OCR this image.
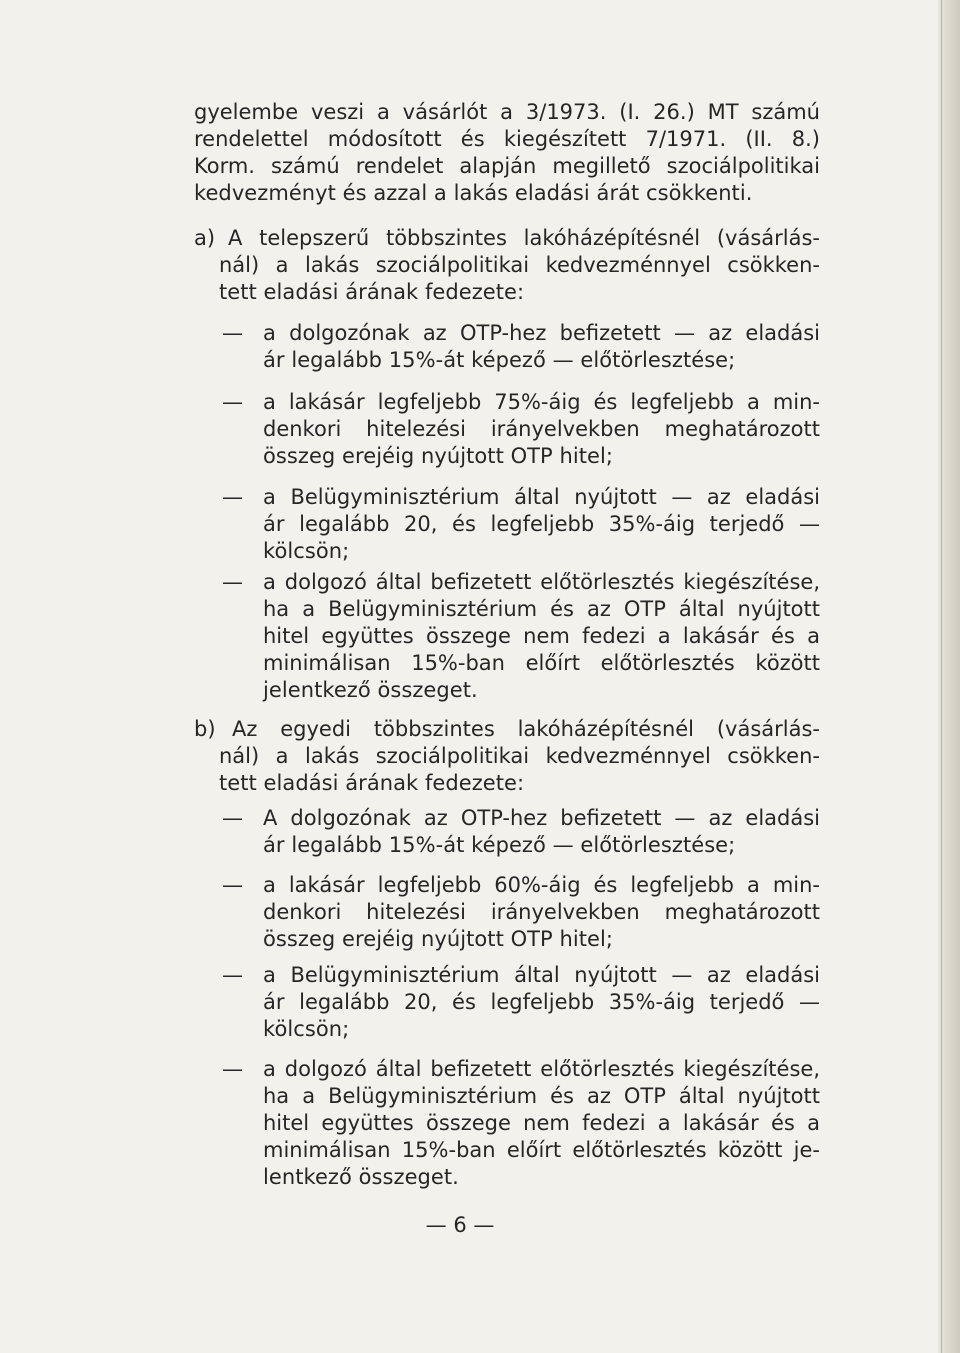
gyelembe veszi a vásárlót a 3/1973. (I. 26.) MT számú
rendelettel módosított és kiegészített 7/1971. (II. 8.)
Korm. számú rendelet alapján megillető szociálpolitikai
kedvezményt és azzal a lakás eladási árát csökkenti.
a) A telepszerű többszintes lakóházépítésnél (vásárlás-
nál) a lakás szociálpolitikai kedvezménnyel csökken-
tett eladási árának fedezete:
— a dolgozónak az OTP-hez befizetett — az eladási
ár legalább 15%-át képező — előtörlesztése;
— a lakásár legfeljebb 75%-áig és legfeljebb a min-
denkori hitelezési irányelvekben meghatározott
összeg erejéig nyújtott OTP hitel;
— a Belügyminisztérium által nyújtott — az eladási
ár legalább 20, és legfeljebb 35%-áig terjedő —
kölcsön;
— a dolgozó által befizetett előtörlesztés kiegészítése,
ha a Belügyminisztérium és az OTP által nyújtott
hitel együttes összege nem fedezi a lakásár és a
minimálisan 15%-ban előírt előtörlesztés között
jelentkező összeget.
b) Az egyedi többszintes lakóházépítésnél (vásárlás-
nál) a lakás szociálpolitikai kedvezménnyel csökken-
tett eladási árának fedezete:
— A dolgozónak az OTP-hez befizetett — az eladási
ár legalább 15%-át képező — előtörlesztése;
— a lakásár legfeljebb 60%-áig és legfeljebb a min-
denkori hitelezési irányelvekben meghatározott
összeg erejéig nyújtott OTP hitel;
— a Belügyminisztérium által nyújtott — az eladási
ár legalább 20, és legfeljebb 35%-áig terjedő —
kölcsön;
— a dolgozó által befizetett előtörlesztés kiegészítése,
ha a Belügyminisztérium és az OTP által nyújtott
hitel együttes összege nem fedezi a lakásár és a
minimálisan 15%-ban előírt előtörlesztés között je-
lentkező összeget.
— 6 —
